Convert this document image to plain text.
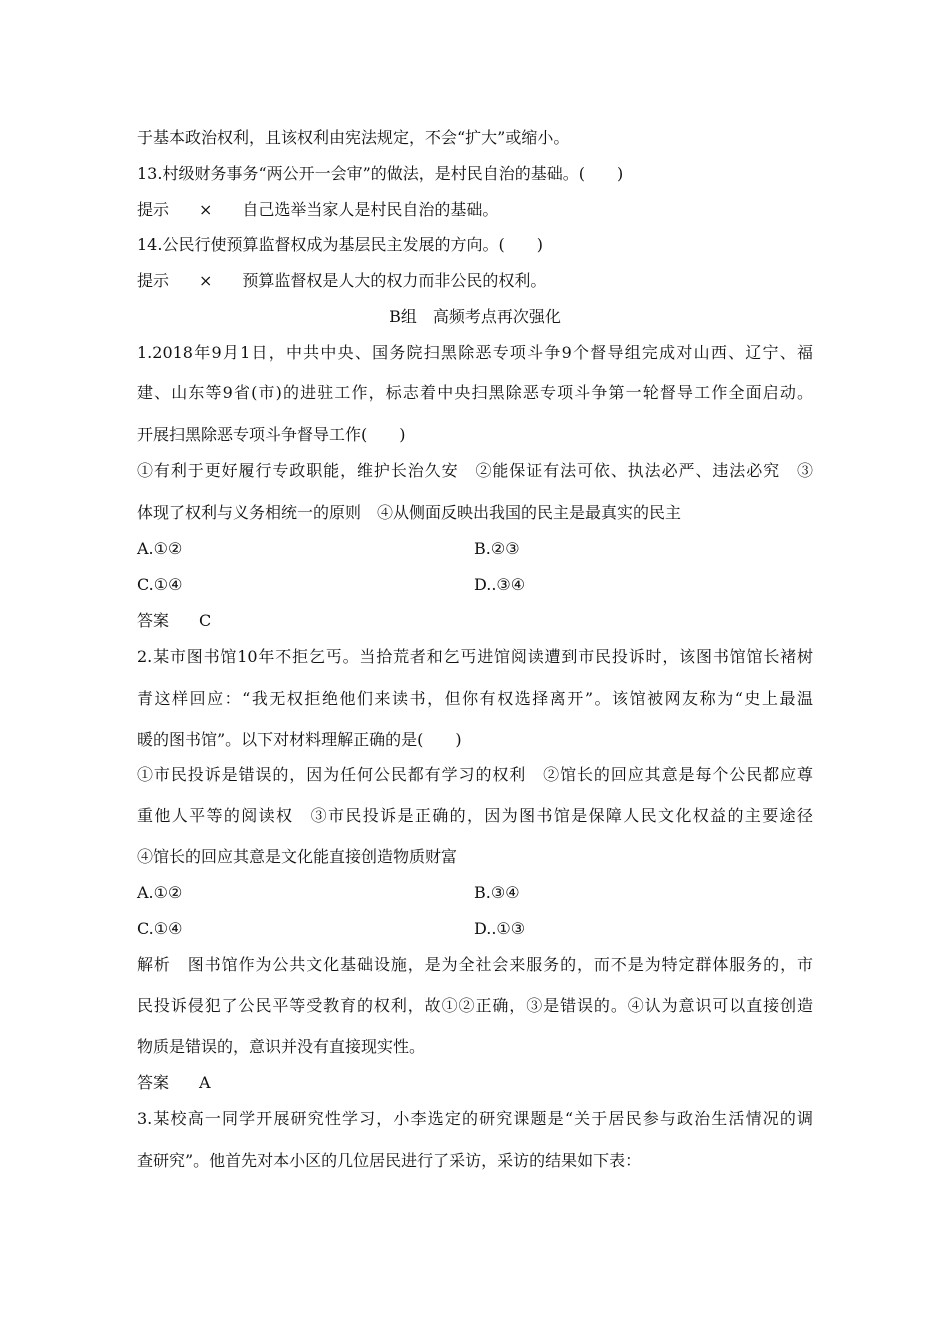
于基本政治权利，且该权利由宪法规定，不会“扩大”或缩小。
13.村级财务事务“两公开一会审”的做法，是村民自治的基础。(　　)
提示 × 自己选举当家人是村民自治的基础。
14.公民行使预算监督权成为基层民主发展的方向。(　　)
提示 × 预算监督权是人大的权力而非公民的权利。
B组　高频考点再次强化
1.2018年9月1日，中共中央、国务院扫黑除恶专项斗争9个督导组完成对山西、辽宁、福
建、山东等9省(市)的进驻工作，标志着中央扫黑除恶专项斗争第一轮督导工作全面启动。
开展扫黑除恶专项斗争督导工作(　　)
①有利于更好履行专政职能，维护长治久安　②能保证有法可依、执法必严、违法必究　③
体现了权利与义务相统一的原则　④从侧面反映出我国的民主是最真实的民主
A.①②	B.②③
C.①④	D..③④
答案 C
2.某市图书馆10年不拒乞丐。当拾荒者和乞丐进馆阅读遭到市民投诉时，该图书馆馆长褚树
青这样回应：“我无权拒绝他们来读书，但你有权选择离开”。该馆被网友称为“史上最温
暖的图书馆”。以下对材料理解正确的是(　　)
①市民投诉是错误的，因为任何公民都有学习的权利　②馆长的回应其意是每个公民都应尊
重他人平等的阅读权　③市民投诉是正确的，因为图书馆是保障人民文化权益的主要途径
④馆长的回应其意是文化能直接创造物质财富
A.①②	B.③④
C.①④	D..①③
解析　 图书馆作为公共文化基础设施，是为全社会来服务的，而不是为特定群体服务的，市
民投诉侵犯了公民平等受教育的权利，故①②正确，③是错误的。④认为意识可以直接创造
物质是错误的，意识并没有直接现实性。
答案 A
3.某校高一同学开展研究性学习，小李选定的研究课题是“关于居民参与政治生活情况的调
查研究”。他首先对本小区的几位居民进行了采访，采访的结果如下表：
